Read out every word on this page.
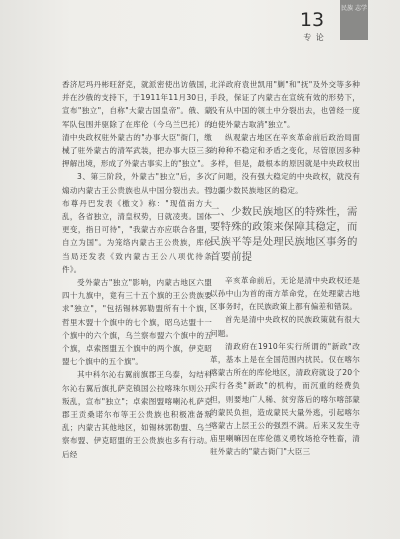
13
专 论
民族 志学

香济尼玛丹彬旺舒克，就派密使出访俄国，并在沙俄的支持下，于1911年11月30日，宣布"独立"，自称"大蒙古国皇帝"。俄、蒙军队包围并驱除了在库伦（今乌兰巴托）的清中央政权驻外蒙古的"办事大臣"衙门，缴械了驻外蒙古的清军武装，把办事大臣三多押解出境，形成了外蒙古事实上的"独立"。

3、第三阶段，外蒙古"独立"后，多次煽动内蒙古王公贵族也从中国分裂出去。哲布尊丹巴发表《檄文》称："现值南方大乱，各省独立，清皇权势，日就凌夷。国体更变，指日可待"，"我蒙古亦应联合各盟，自立为国"。为笼络内蒙古王公贵族，库伦当局还发表《致内蒙古王公八项优待条件》。

受外蒙古"独立"影响，内蒙古地区六盟四十九旗中，竟有三十五个旗的王公贵族要求"独立"，"包括锡林郭勒盟所有十个旗，哲里木盟十个旗中的七个旗，昭乌达盟十一个旗中的六个旗，乌兰察布盟六个旗中的五个旗，卓索图盟五个旗中的两个旗，伊克昭盟七个旗中的五个旗"。

其中科尔沁右翼前旗郡王乌泰，勾结科尔沁右翼后旗扎萨克镇国公拉喀珠尔则公开叛乱，宣布"独立"；卓索图盟喀喇沁札萨克郡王贡桑诺尔布等王公贵族也积极准备叛乱；内蒙古其他地区，如锡林郭勒盟、乌兰察布盟、伊克昭盟的王公贵族也多有行动。后经

北洋政府袁世凯用"剿"和"抚"及外交等多种手段，保证了内蒙古在宣统有效的形势下，没有从中国的领土中分裂出去，也曾经一度迫使外蒙古取消"独立"。

纵观蒙古地区在辛亥革命前后政治局面的种种不稳定和矛盾之变化，尽管原因多种多样，但是，最根本的原因就是中央政权出了问题，没有强大稳定的中央政权，就没有边疆少数民族地区的稳定。

二、少数民族地区的特殊性，需要特殊的政策来保障其稳定，而民族平等是处理民族地区事务的首要前提

辛亥革命前后，无论是清中央政权还是以孙中山为首的南方革命党，在处理蒙古地区事务时，在民族政策上都有偏差和错误。

首先是清中央政权的民族政策就有很大问题。

清政府在1910年实行所谓的"新政"改革，基本上是在全国范围内扰民。仅在喀尔喀蒙古所在的库伦地区，清政府就设了20个实行各类"新政"的机构，而沉重的经费负担，则要地广人稀、贫穷落后的喀尔喀部蒙的蒙民负担，造成蒙民大量外逃，引起喀尔喀蒙古上层王公的强烈不满。后来又发生寺庙里喇嘛因在库伦德义勇牧场抢夺牲畜，清驻外蒙古的"蒙古衙门"大臣三
